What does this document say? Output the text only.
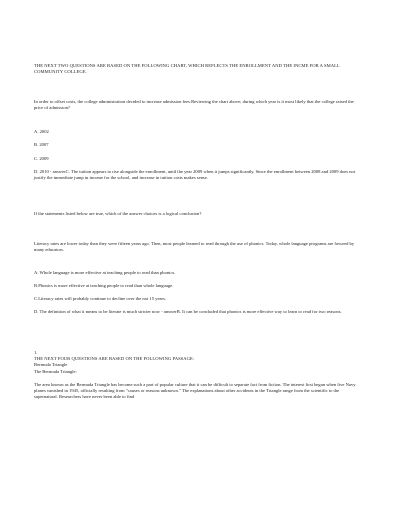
THE NEXT TWO QUESTIONS ARE BASED ON THE FOLLOWING CHART, WHICH REFLECTS THE ENROLLMENT AND THE INCME FOR A SMALL COMMUNITY COLLEGE.

In order to offset costs, the college administration decided to increase admission fees.Reviewing the chart above; during which year is it most likely that the college raised the price of admission?

A. 2002

B. 2007

C. 2009

D. 2010 - answerC. The tuition appears to rise alongside the enrollment, until the year 2009 when it jumps significantly. Since the enrollment between 2008 and 2009 does not justify the immediate jump in income for the school, and increase in tuition costs makes sense.

If the statements listed below are true, which of the answer choices is a logical conclusion?

Literacy rates are lower today than they were fifteen years ago. Then, most people learned to read through the use of phonics. Today, whole language programs are favored by many educators.

A. Whole language is more effective at teaching people to read than phonics.

B.Phonics is more effective at teaching people to read than whole language.

C.Literacy rates will probably continue to decline over the nxt 15 years.

D. The definition of what it means to be literate is much stricter now - answerB. It can be concluded that phonics is more effective way to learn to read for two reasons.

1.

Bermuda Triangle

THE NEXT FOUR QUESTIONS ARE BASED ON THE FOLLOWING PASSAGE:

The Bermuda Triangle:

The area known as the Bermuda Triangle has become such a part of popular culture that it can be difficult to separate fact from fiction. The interest first began when five Navy planes vanished in 1945, officially resulting from "causes or reasons unknown." The explanations about other accidents in the Triangle range from the scientific to the supernatural. Researchers have never been able to find
